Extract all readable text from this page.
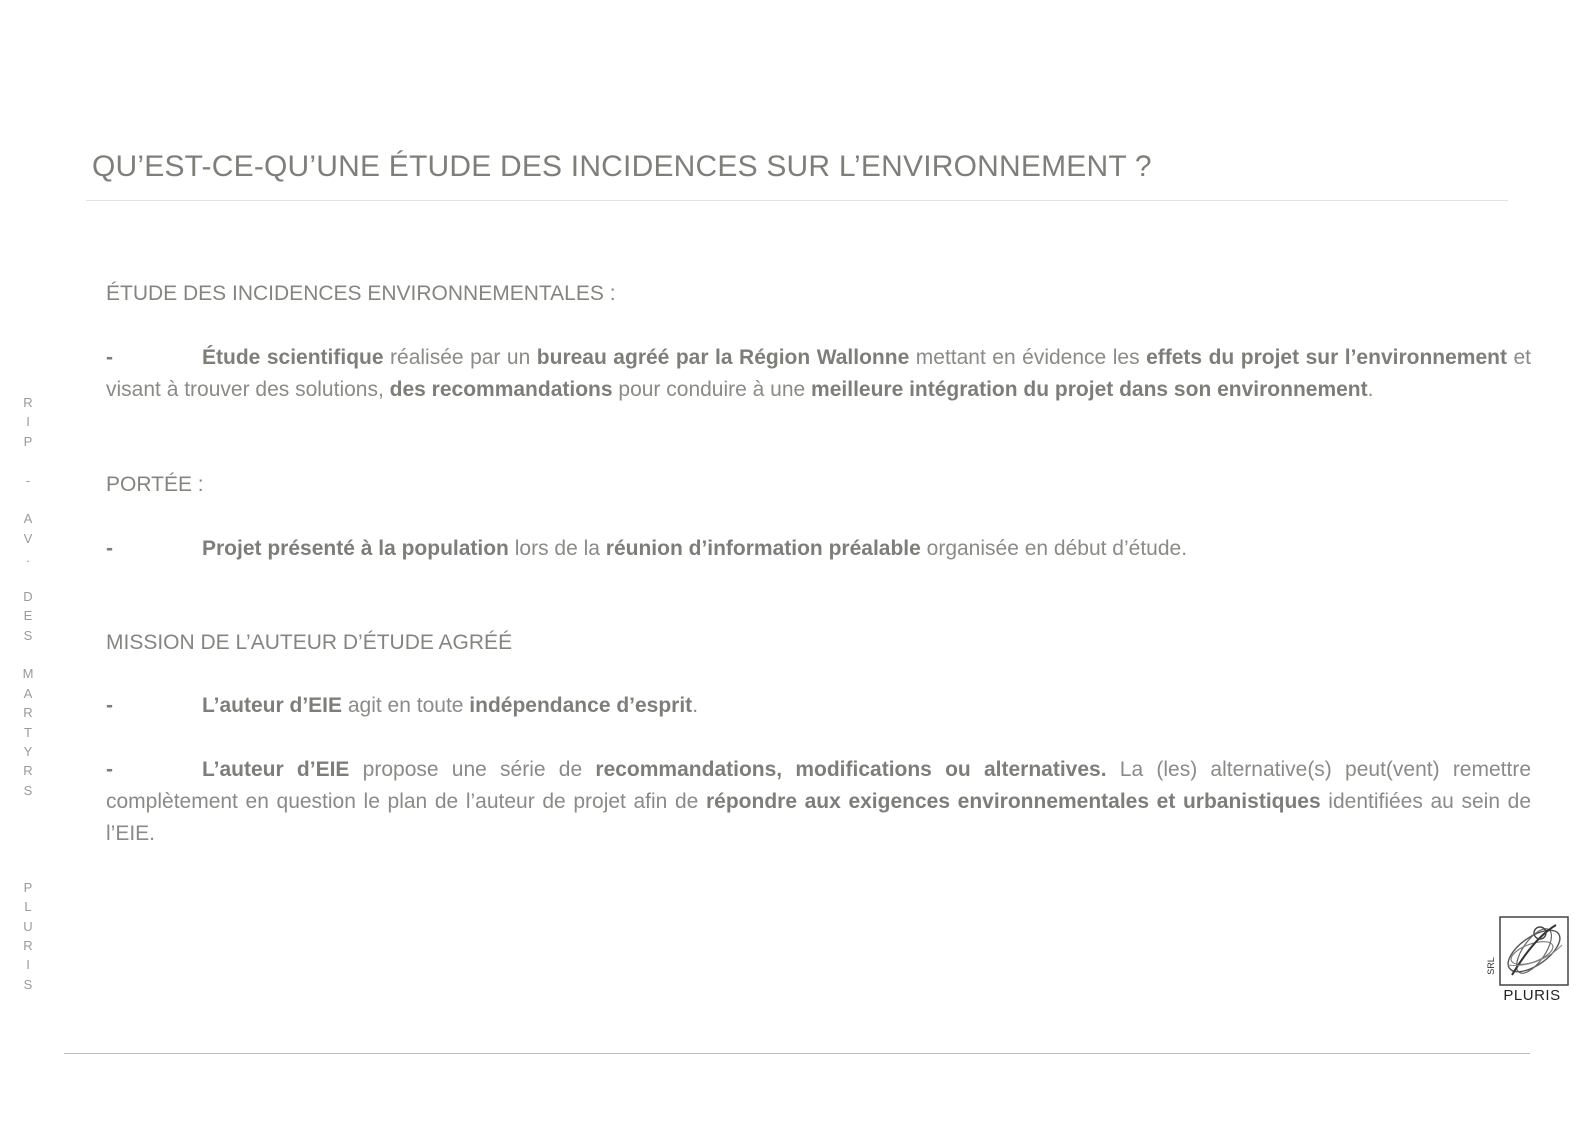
QU’EST-CE-QU’UNE ÉTUDE DES INCIDENCES SUR L’ENVIRONNEMENT ?
R
I
P
-
A
V
.
D
E
S
M
A
R
T
Y
R
S
P
L
U
R
I
S
ÉTUDE DES INCIDENCES ENVIRONNEMENTALES :
-	Étude scientifique réalisée par un bureau agréé par la Région Wallonne mettant en évidence les effets du projet sur l’environnement et visant à trouver des solutions, des recommandations pour conduire à une meilleure intégration du projet dans son environnement.
PORTÉE :
-	Projet présenté à la population lors de la réunion d’information préalable organisée en début d’étude.
MISSION DE L’AUTEUR D’ÉTUDE AGRÉÉ
-	L’auteur d’EIE agit en toute indépendance d’esprit.
-	L’auteur d’EIE propose une série de recommandations, modifications ou alternatives. La (les) alternative(s) peut(vent) remettre complètement en question le plan de l’auteur de projet afin de répondre aux exigences environnementales et urbanistiques identifiées au sein de l’EIE.
SRL
PLURIS
